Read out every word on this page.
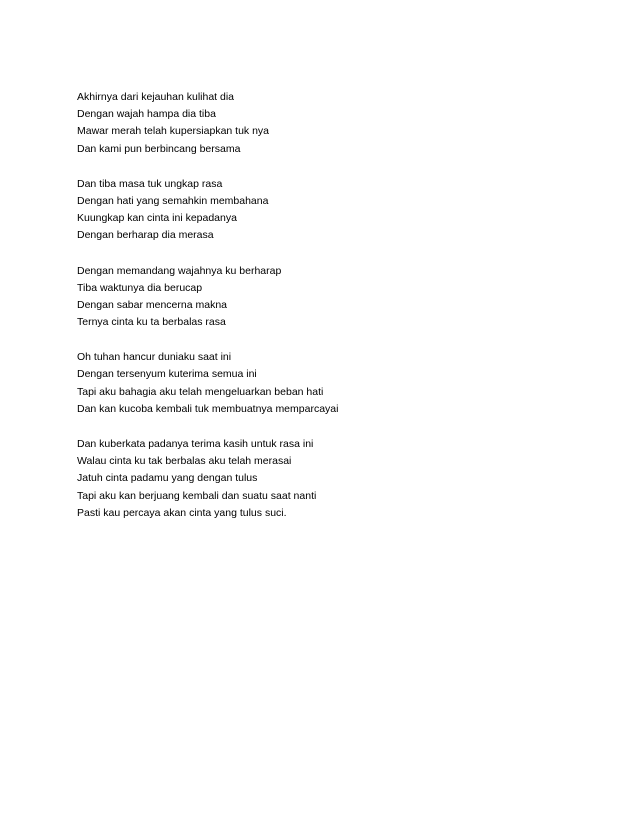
Akhirnya dari kejauhan kulihat dia
Dengan wajah hampa dia tiba
Mawar merah telah kupersiapkan tuk nya
Dan kami pun berbincang bersama
Dan tiba masa tuk ungkap rasa
Dengan hati yang semahkin membahana
Kuungkap kan cinta ini kepadanya
Dengan berharap dia merasa
Dengan memandang wajahnya ku berharap
Tiba waktunya dia berucap
Dengan sabar mencerna makna
Ternya cinta ku ta berbalas rasa
Oh tuhan hancur duniaku saat ini
Dengan tersenyum kuterima semua ini
Tapi aku bahagia aku telah mengeluarkan beban hati
Dan kan kucoba kembali tuk membuatnya memparcayai
Dan kuberkata padanya terima kasih untuk rasa ini
Walau cinta ku tak berbalas aku telah merasai
Jatuh cinta padamu yang dengan tulus
Tapi aku kan berjuang kembali dan suatu saat nanti
Pasti kau percaya akan cinta yang tulus suci.
